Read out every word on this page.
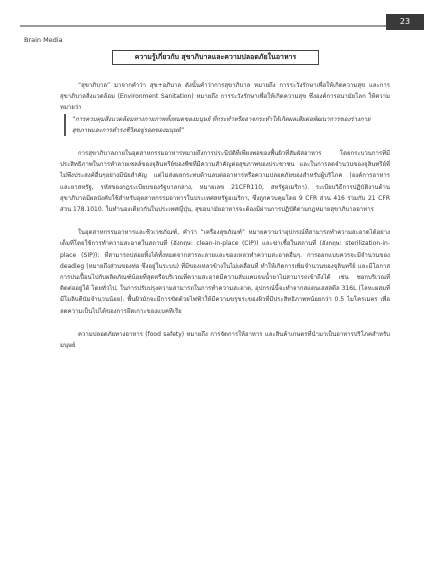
23
Brain Media
ความรู้เกี่ยวกับ สุขาภิบาลและความปลอดภัยในอาหาร

“สุขาภิบาล” มาจากคำว่า สุข+อภิบาล ดังนั้นคำว่าการสุขาภิบาล หมายถึง การระวังรักษาเพื่อให้เกิดความสุข และการสุขาภิบาลสิ่งแวดล้อม (Environment Sanitation) หมายถึง การระวังรักษาเพื่อให้เกิดความสุข ซึ่งองค์การอนามัยโลก ให้ความหมายว่า

“การควบคุมสิ่งแวดล้อมทางกายภาพทั้งหมดของมนุษย์ ที่กระทำหรืออาจกระทำให้เกิดผลเสียต่อพัฒนาการของร่างกาย สุขภาพและการดำรงชีวิตอยู่รอดของมนุษย์”

การสุขาภิบาลภายในอุตสาหกรรมอาหารหมายถึงการประนีบัติที่เพียงพอของพื้นผิวที่สัมผัสอาหาร โดยกระบวนการที่มีประสิทธิภาพในการทำลายเซลล์ของจุลินทรีย์ของพืชที่มีความสำคัญต่อสุขภาพของประชาชน และในการลดจำนวนของจุลินทรีย์ที่ไม่พึงประสงค์อื่นๆอย่างมีนัยสำคัญ แต่ไม่ส่งผลกระทบด้านลบต่ออาหารหรือความปลอดภัยของสำหรับผู้บริโภค (องค์การอาหารและยาสหรัฐ, รหัสของกฎระเบียบของรัฐบาลกลาง, หมายเลข 21CFR110, สหรัฐอเมริกา). ระเบียบวิธีการปฏิบัติงานด้านสุขาภิบาลมีผลบังคับใช้สำหรับอุตสาหกรรมอาหารในประเทศสหรัฐอเมริกา, ซึ่งถูกควบคุมโดย 9 CFR ส่วน 416 ร่วมกับ 21 CFR ส่วน 178.1010. ในทำนองเดียวกันในประเทศญี่ปุ่น, สุขอนามัยอาหารจะต้องมีผ่านการปฏิบัติตามกฎหมายสุขาภิบาลอาหาร

ในอุตสาหกรรมอาหารและชีวเวชภัณฑ์, คำว่า “เครื่องสุขภัณฑ์” หมายความว่าอุปกรณ์ที่สามารถทำความสะอาดได้อย่างเต็มที่โดยใช้การทำความสะอาดในสถานที่ (อังกฤษ: clean-in-place (CIP)) และฆ่าเชื้อในสถานที่ (อังกฤษ: sterilization-in-place (SIP)): ที่สามารถปล่อยทิ้งได้ทั้งหมดจากสารละลายและของเหลวทำความสะอาดอื่นๆ. การออกแบบควรจะมีจำนวนของ deadleg (หมายถึงส่วนของท่อ ซึ่งอยู่ในระบบ) ที่มีของเหลวข้างในไม่เคลื่อนที่ ทำให้เกิดการเพิ่มจำนวนของจุลินทรีย์ และมีโอกาสการปนเปื้อนไปกับผลิตภัณฑ์น้อยที่สุดหรือบริเวณที่ความสะอาดมีความลับแคบจนน้ำยาไม่สามารถเข้าถึงได้ เช่น ซอกบริเวณที่ติดต่ออยู่ใต้ โดยทั่วไป, ในการปรับปรุงความสามารถในการทำความสะอาด, อุปกรณ์นี้จะทำจากสแตนเลสสตีล 316L (โลหะผสมที่มีโมลิบดีนัมจำนวนน้อย). พื้นผิวมักจะมีการขัดด้วยไฟฟ้าให้มีความขรุขระของผิวที่มีประสิทธิภาพหน้อยกว่า 0.5 ไมโครเมตร เพื่อลดความเป็นไปได้ของการยึดเกาะของแบคทีเรีย

ความปลอดภัยทางอาหาร (food safety) หมายถึง การจัดการให้อาหาร และสินค้าเกษตรที่นำมาเป็นอาหารปริโภคสำหรับมนุษย์
